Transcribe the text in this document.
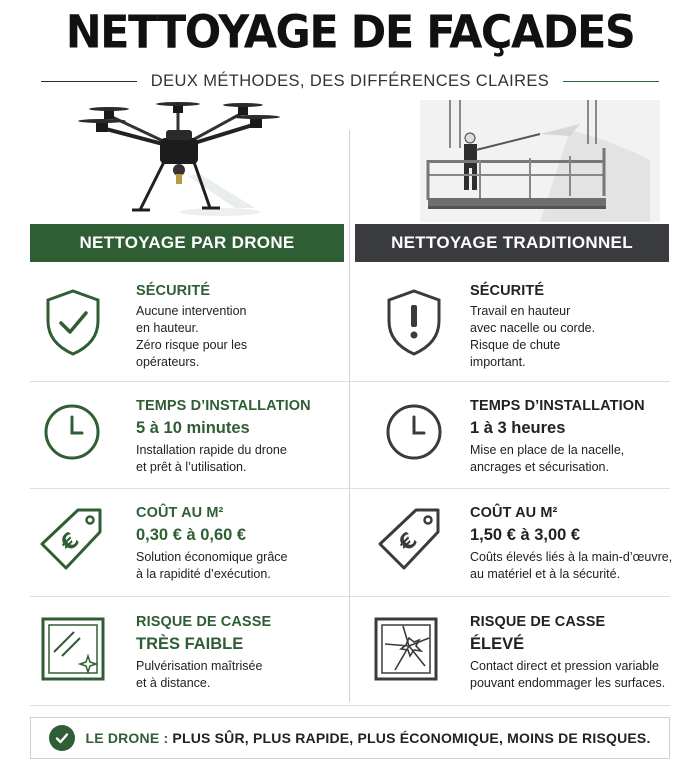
NETTOYAGE DE FAÇADES
DEUX MÉTHODES, DES DIFFÉRENCES CLAIRES
NETTOYAGE PAR DRONE	NETTOYAGE TRADITIONNEL
SÉCURITÉ
Aucune intervention
en hauteur.
Zéro risque pour les
opérateurs.
TEMPS D’INSTALLATION
5 à 10 minutes
Installation rapide du drone
et prêt à l’utilisation.
€
COÛT AU M²
0,30 € à 0,60 €
Solution économique grâce
à la rapidité d’exécution.
RISQUE DE CASSE
TRÈS FAIBLE
Pulvérisation maîtrisée
et à distance.
SÉCURITÉ
Travail en hauteur
avec nacelle ou corde.
Risque de chute
important.
TEMPS D’INSTALLATION
1 à 3 heures
Mise en place de la nacelle,
ancrages et sécurisation.
€
COÛT AU M²
1,50 € à 3,00 €
Coûts élevés liés à la main-d’œuvre,
au matériel et à la sécurité.
RISQUE DE CASSE
ÉLEVÉ
Contact direct et pression variable
pouvant endommager les surfaces.
LE DRONE : PLUS SÛR, PLUS RAPIDE, PLUS ÉCONOMIQUE, MOINS DE RISQUES.
